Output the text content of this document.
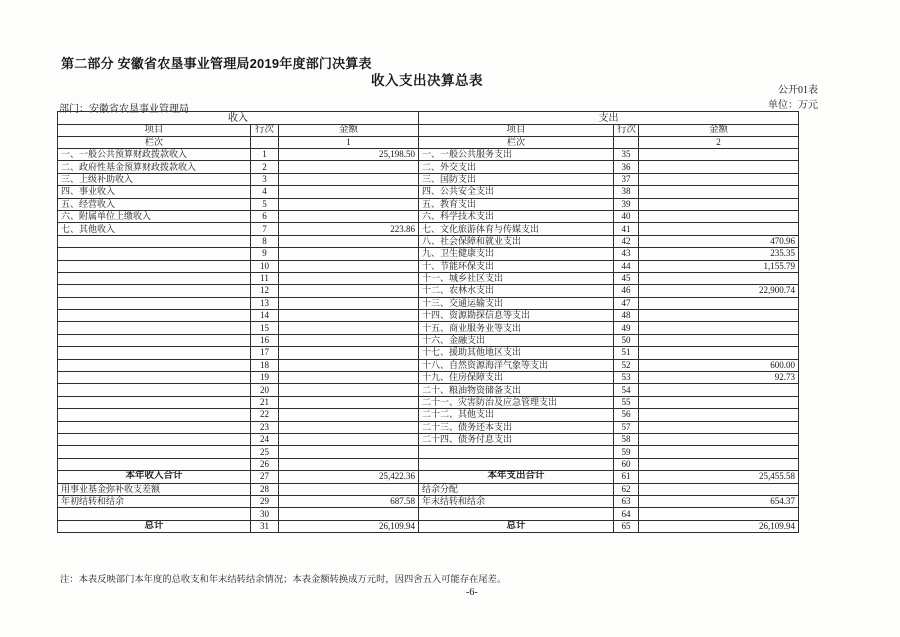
第二部分 安徽省农垦事业管理局2019年度部门决算表
收入支出决算总表
公开01表
单位：万元
部门：安徽省农垦事业管理局
收入			支出		
项目	行次	金额	项目	行次	金额
栏次		1	栏次		2
一、一般公共预算财政拨款收入	1	25,198.50	一、一般公共服务支出	35	
二、政府性基金预算财政拨款收入	2		二、外交支出	36	
三、上级补助收入	3		三、国防支出	37	
四、事业收入	4		四、公共安全支出	38	
五、经营收入	5		五、教育支出	39	
六、附属单位上缴收入	6		六、科学技术支出	40	
七、其他收入	7	223.86	七、文化旅游体育与传媒支出	41	
	8		八、社会保障和就业支出	42	470.96
	9		九、卫生健康支出	43	235.35
	10		十、节能环保支出	44	1,155.79
	11		十一、城乡社区支出	45	
	12		十二、农林水支出	46	22,900.74
	13		十三、交通运输支出	47	
	14		十四、资源勘探信息等支出	48	
	15		十五、商业服务业等支出	49	
	16		十六、金融支出	50	
	17		十七、援助其他地区支出	51	
	18		十八、自然资源海洋气象等支出	52	600.00
	19		十九、住房保障支出	53	92.73
	20		二十、粮油物资储备支出	54	
	21		二十一、灾害防治及应急管理支出	55	
	22		二十二、其他支出	56	
	23		二十三、债务还本支出	57	
	24		二十四、债务付息支出	58	
	25			59	
	26			60	
本年收入合计	27	25,422.36	本年支出合计	61	25,455.58
用事业基金弥补收支差额	28		结余分配	62	
年初结转和结余	29	687.58	年末结转和结余	63	654.37
	30			64	
总计	31	26,109.94	总计	65	26,109.94
注：本表反映部门本年度的总收支和年末结转结余情况；本表金额转换成万元时，因四舍五入可能存在尾差。
-6-
